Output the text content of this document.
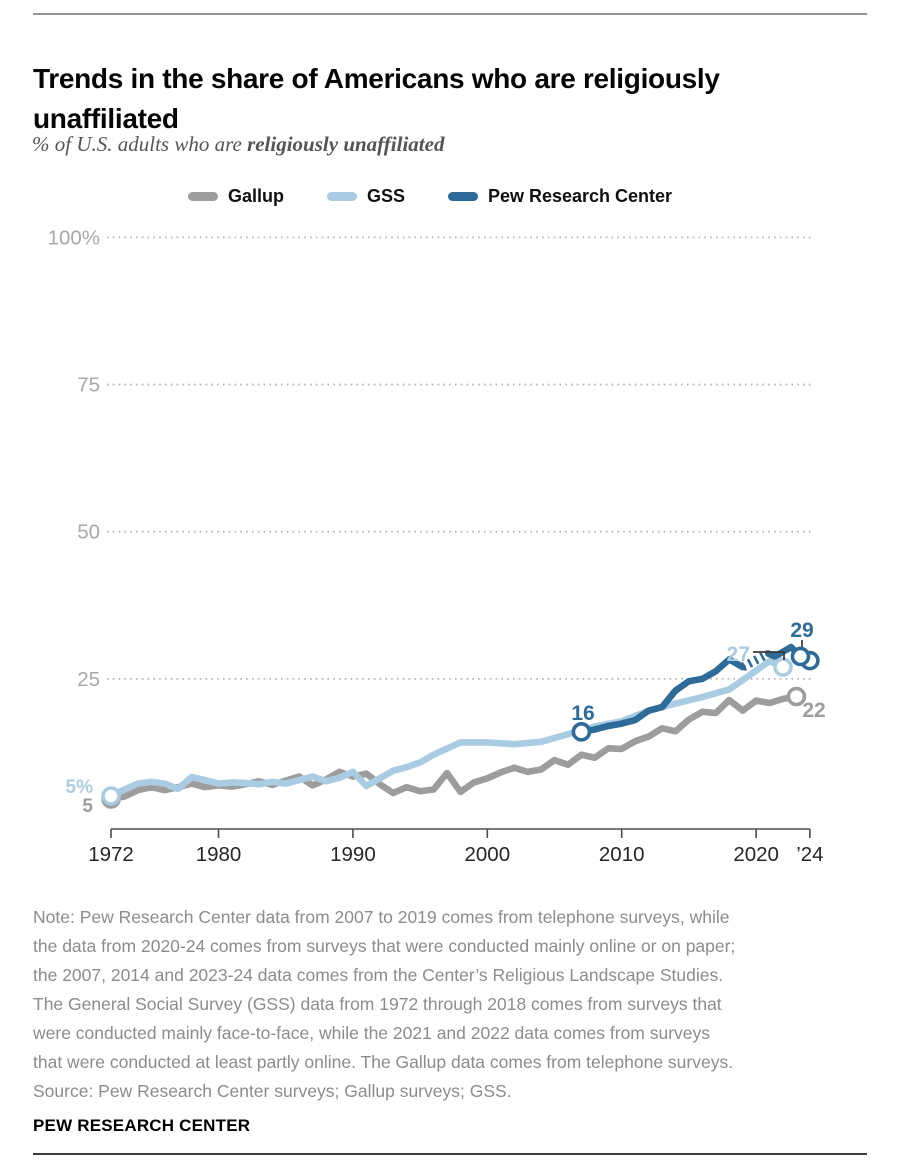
Trends in the share of Americans who are religiously
unaffiliated
% of U.S. adults who are religiously unaffiliated
Gallup	GSS	Pew Research Center
1972	1980	1990	2000	2010	2020 ’24
100%
75
50
25
5%
5
16
27
29
22
Note: Pew Research Center data from 2007 to 2019 comes from telephone surveys, while
the data from 2020-24 comes from surveys that were conducted mainly online or on paper;
the 2007, 2014 and 2023-24 data comes from the Center’s Religious Landscape Studies.
The General Social Survey (GSS) data from 1972 through 2018 comes from surveys that
were conducted mainly face-to-face, while the 2021 and 2022 data comes from surveys
that were conducted at least partly online. The Gallup data comes from telephone surveys.
Source: Pew Research Center surveys; Gallup surveys; GSS.
PEW RESEARCH CENTER
